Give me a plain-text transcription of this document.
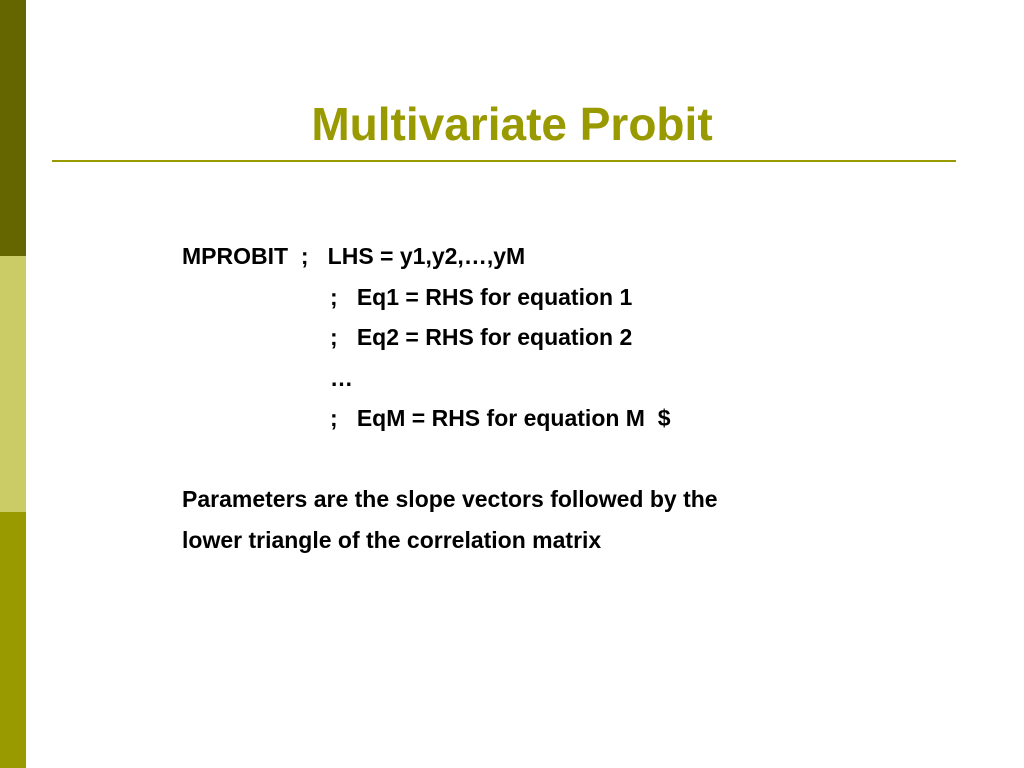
Multivariate Probit
MPROBIT  ;   LHS = y1,y2,…,yM
;   Eq1 = RHS for equation 1
;   Eq2 = RHS for equation 2
…
;   EqM = RHS for equation M  $
Parameters are the slope vectors followed by the
lower triangle of the correlation matrix
